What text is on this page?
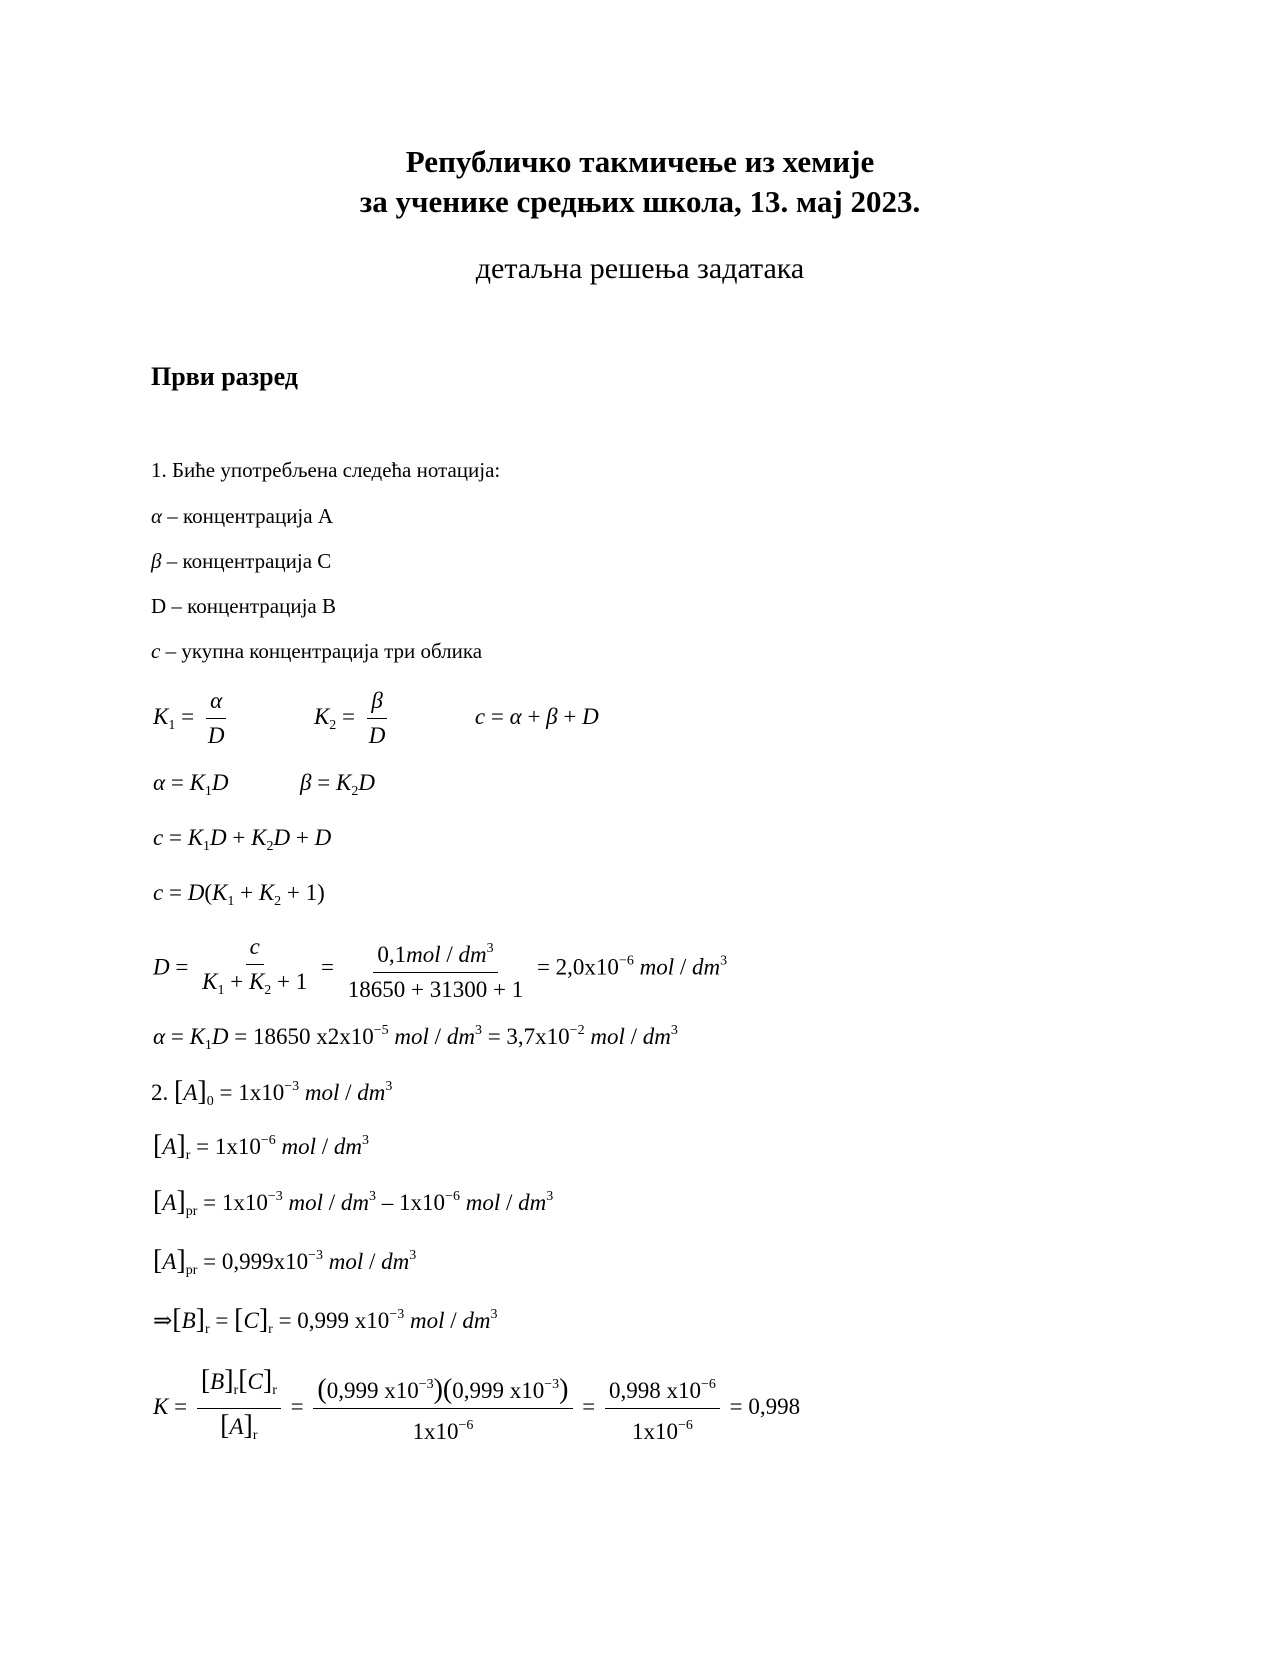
Републичко такмичење из хемије
за ученике средњих школа, 13. мај 2023.
детаљна решења задатака
Први разред
1. Биће употребљена следећа нотација:
α – концентрација А
β – концентрација C
D – концентрација B
c – укупна концентрација три облика
$K_1 = \frac{\alpha}{D}$	$K_2 = \frac{\beta}{D}$	c = α + β + D
$\alpha = K_1D$	$\beta = K_2D$
$c = K_1D + K_2D + D$
$c = D(K_1 + K_2 + 1)$
$D = \frac{c}{K_1 + K_2 + 1} = \frac{0,1mol / dm^3}{18650 + 31300 + 1} = 2,0x10^{-6}$ mol / $dm^3$
$\alpha = K_1D = 18650$ $x2x10^{-5}$ mol / $dm^3 = 3,7x10^{-2}$ mol / $dm^3$
2. $[A]_0 = 1x10^{-3}$ mol / $dm^3$
$[A]_r = 1x10^{-6}$ mol / $dm^3$
$[A]_{pr} = 1x10^{-3}$ mol / $dm^3 - 1x10^{-6}$ mol / $dm^3$
$[A]_{pr} = 0,999x10^{-3}$ mol / $dm^3$
$\Rightarrow[B]_r = [C]_r = 0,999$ $x10^{-3}$ mol / $dm^3$
$K = \frac{[B]_r[C]_r}{[A]_r} = \frac{(0,999 x10^{-3})(0,999 x10^{-3})}{1x10^{-6}} = \frac{0,998 x10^{-6}}{1x10^{-6}} = 0,998$
